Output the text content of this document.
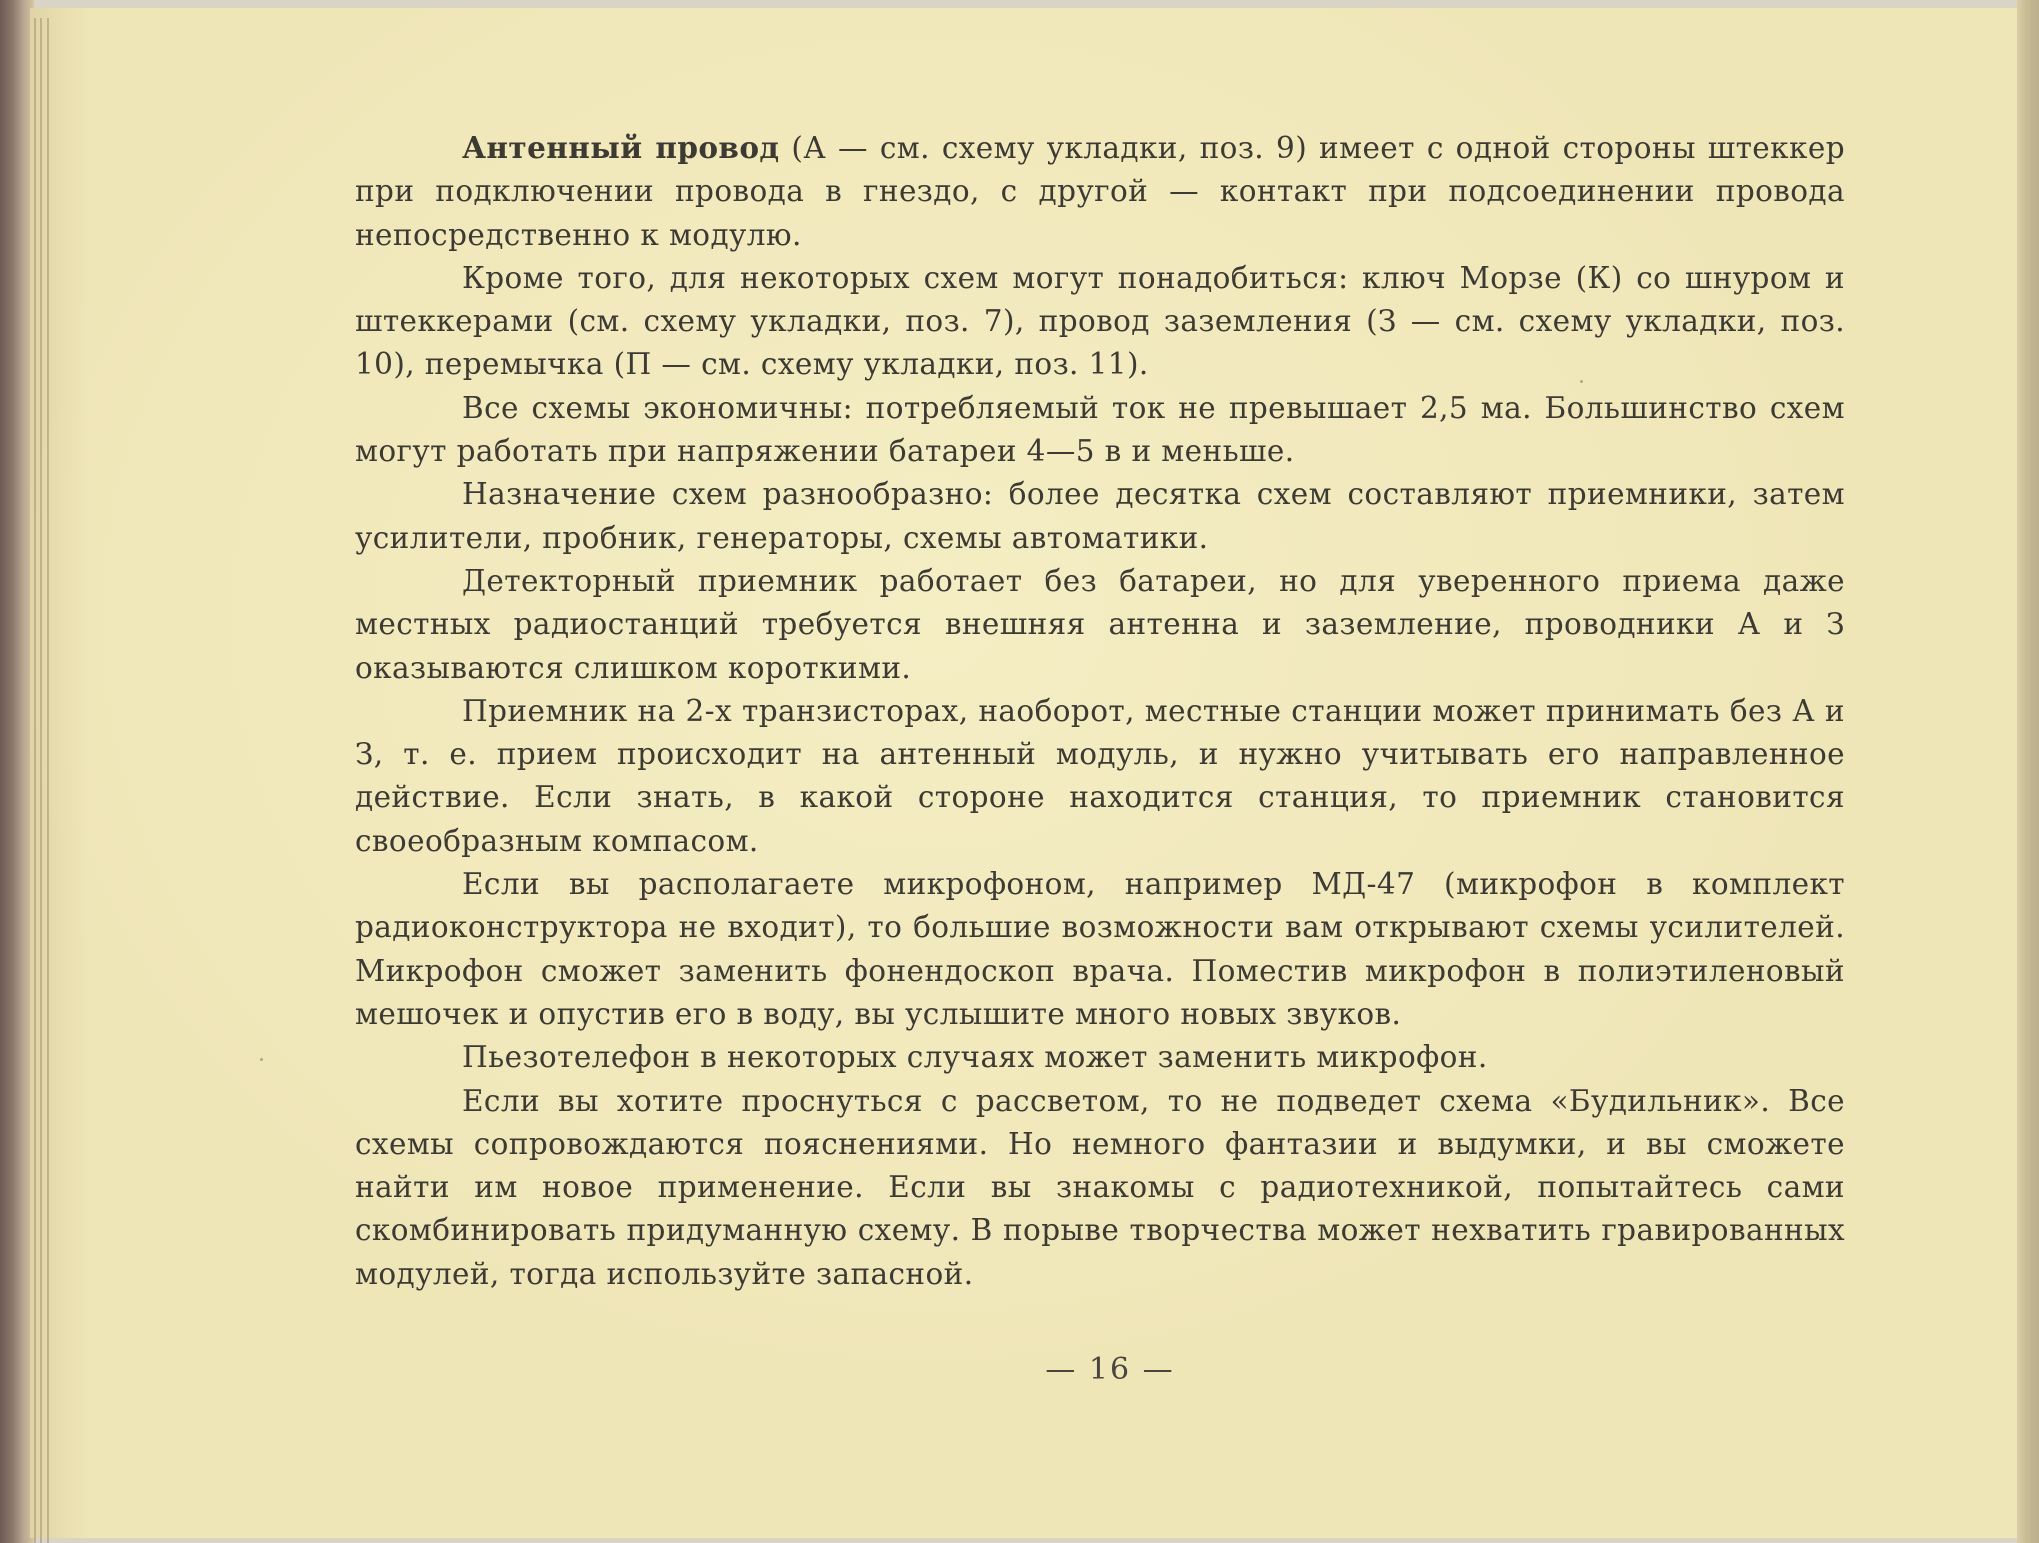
Антенный провод (А — см. схему укладки, поз. 9) имеет с одной стороны штеккер при подключении провода в гнездо, с другой — контакт при подсоединении провода непосредственно к модулю.

Кроме того, для некоторых схем могут понадобиться: ключ Морзе (К) со шнуром и штеккерами (см. схему укладки, поз. 7), провод заземления (З — см. схему укладки, поз. 10), перемычка (П — см. схему укладки, поз. 11).

Все схемы экономичны: потребляемый ток не превышает 2,5 ма. Большинство схем могут работать при напряжении батареи 4—5 в и меньше.

Назначение схем разнообразно: более десятка схем составляют приемники, затем усилители, пробник, генераторы, схемы автоматики.

Детекторный приемник работает без батареи, но для уверенного приема даже местных радиостанций требуется внешняя антенна и заземление, проводники А и З оказываются слишком короткими.

Приемник на 2-х транзисторах, наоборот, местные станции может принимать без А и З, т. е. прием происходит на антенный модуль, и нужно учитывать его направленное действие. Если знать, в какой стороне находится станция, то приемник становится своеобразным компасом.

Если вы располагаете микрофоном, например МД-47 (микрофон в комплект радиоконструктора не входит), то большие возможности вам открывают схемы усилителей. Микрофон сможет заменить фонендоскоп врача. Поместив микрофон в полиэтиленовый мешочек и опустив его в воду, вы услышите много новых звуков.

Пьезотелефон в некоторых случаях может заменить микрофон.

Если вы хотите проснуться с рассветом, то не подведет схема «Будильник». Все схемы сопровождаются пояснениями. Но немного фантазии и выдумки, и вы сможете найти им новое применение. Если вы знакомы с радиотехникой, попытайтесь сами скомбинировать придуманную схему. В порыве творчества может нехватить гравированных модулей, тогда используйте запасной.

— 16 —
